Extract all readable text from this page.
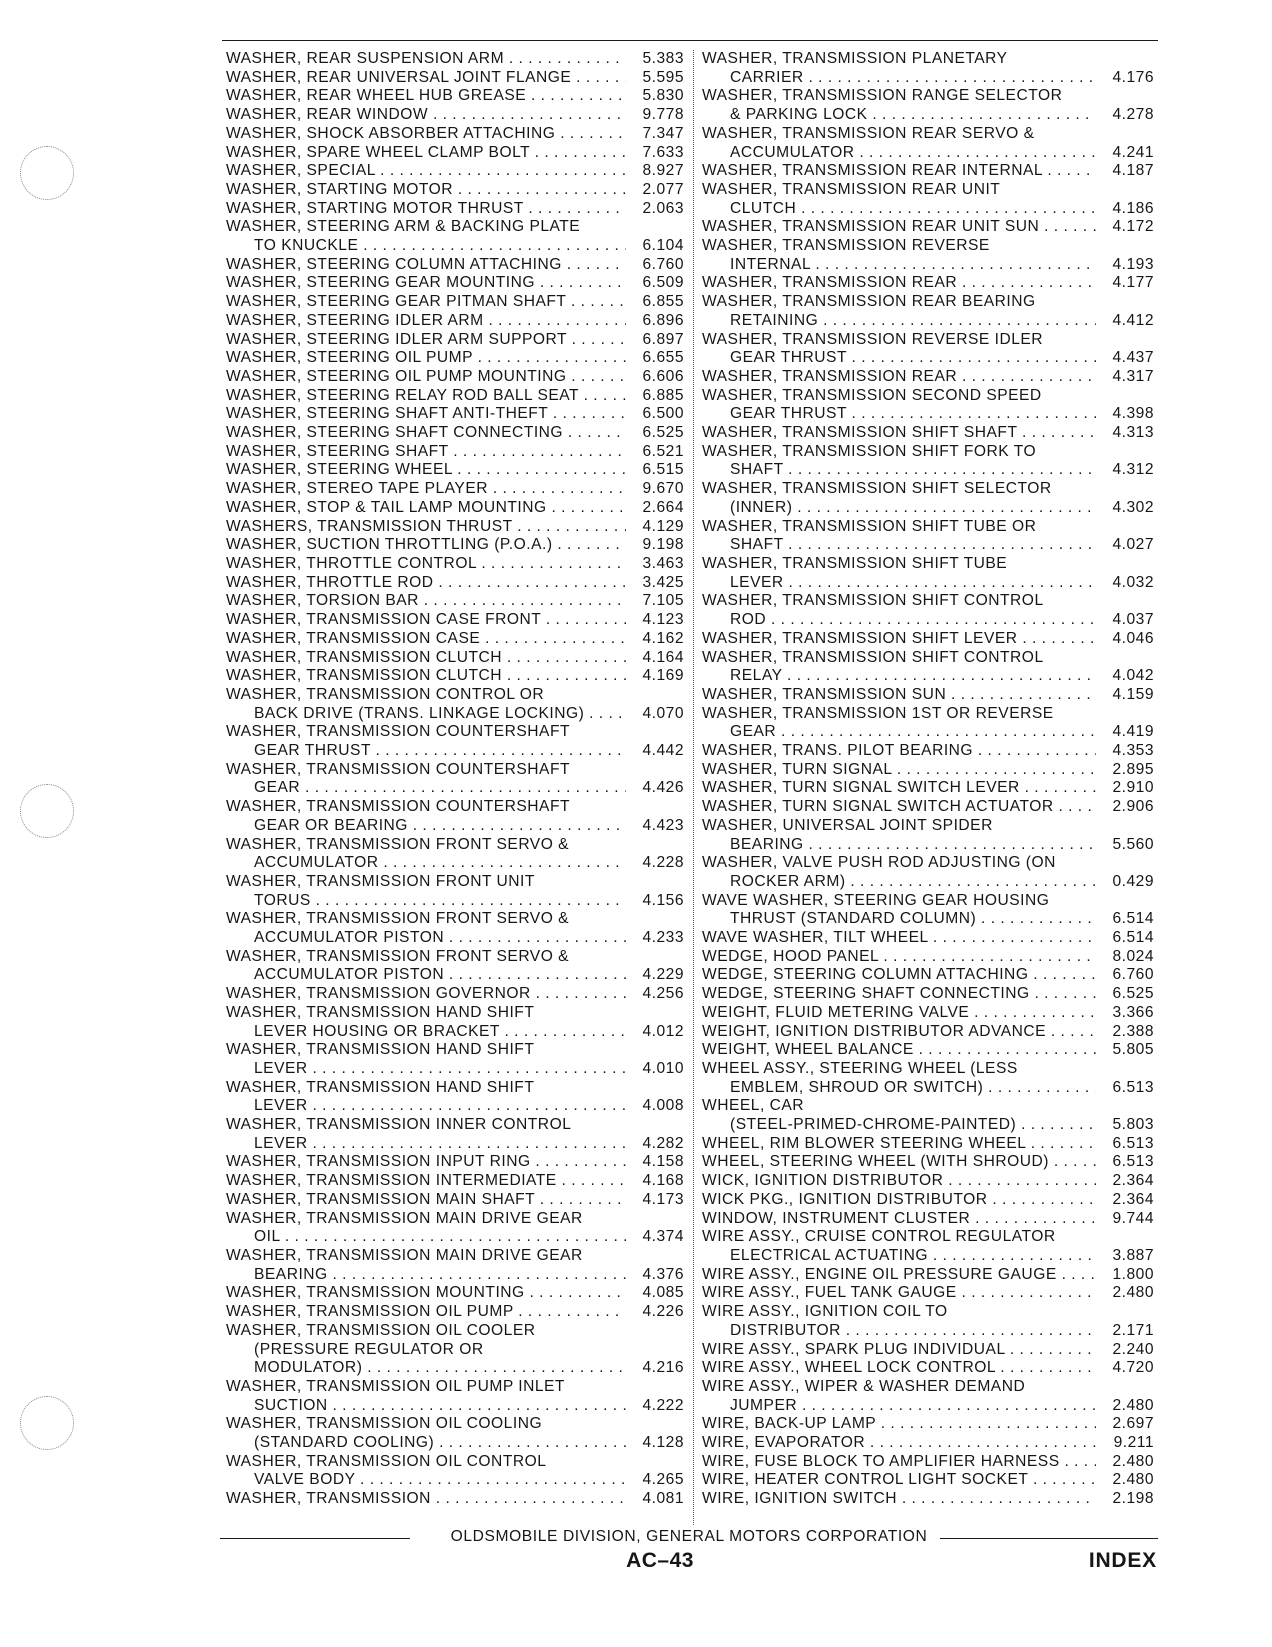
WASHER, REAR SUSPENSION ARM . . .	5.383
WASHER, REAR UNIVERSAL JOINT FLANGE . . .	5.595
WASHER, REAR WHEEL HUB GREASE . . .	5.830
WASHER, REAR WINDOW . . .	9.778
WASHER, SHOCK ABSORBER ATTACHING . . .	7.347
WASHER, SPARE WHEEL CLAMP BOLT . . .	7.633
WASHER, SPECIAL . . .	8.927
WASHER, STARTING MOTOR . . .	2.077
WASHER, STARTING MOTOR THRUST . . .	2.063
WASHER, STEERING ARM & BACKING PLATE
TO KNUCKLE . . .	6.104
WASHER, STEERING COLUMN ATTACHING . . .	6.760
WASHER, STEERING GEAR MOUNTING . . .	6.509
WASHER, STEERING GEAR PITMAN SHAFT . . .	6.855
WASHER, STEERING IDLER ARM . . .	6.896
WASHER, STEERING IDLER ARM SUPPORT . . .	6.897
WASHER, STEERING OIL PUMP . . .	6.655
WASHER, STEERING OIL PUMP MOUNTING . . .	6.606
WASHER, STEERING RELAY ROD BALL SEAT . . .	6.885
WASHER, STEERING SHAFT ANTI-THEFT . . .	6.500
WASHER, STEERING SHAFT CONNECTING . . .	6.525
WASHER, STEERING SHAFT . . .	6.521
WASHER, STEERING WHEEL . . .	6.515
WASHER, STEREO TAPE PLAYER . . .	9.670
WASHER, STOP & TAIL LAMP MOUNTING . . .	2.664
WASHERS, TRANSMISSION THRUST . . .	4.129
WASHER, SUCTION THROTTLING (P.O.A.) . . .	9.198
WASHER, THROTTLE CONTROL . . .	3.463
WASHER, THROTTLE ROD . . .	3.425
WASHER, TORSION BAR . . .	7.105
WASHER, TRANSMISSION CASE FRONT . . .	4.123
WASHER, TRANSMISSION CASE . . .	4.162
WASHER, TRANSMISSION CLUTCH . . .	4.164
WASHER, TRANSMISSION CLUTCH . . .	4.169
WASHER, TRANSMISSION CONTROL OR
BACK DRIVE (TRANS. LINKAGE LOCKING) . . .	4.070
WASHER, TRANSMISSION COUNTERSHAFT
GEAR THRUST . . .	4.442
WASHER, TRANSMISSION COUNTERSHAFT
GEAR . . .	4.426
WASHER, TRANSMISSION COUNTERSHAFT
GEAR OR BEARING . . .	4.423
WASHER, TRANSMISSION FRONT SERVO &
ACCUMULATOR . . .	4.228
WASHER, TRANSMISSION FRONT UNIT
TORUS . . .	4.156
WASHER, TRANSMISSION FRONT SERVO &
ACCUMULATOR PISTON . . .	4.233
WASHER, TRANSMISSION FRONT SERVO &
ACCUMULATOR PISTON . . .	4.229
WASHER, TRANSMISSION GOVERNOR . . .	4.256
WASHER, TRANSMISSION HAND SHIFT
LEVER HOUSING OR BRACKET . . .	4.012
WASHER, TRANSMISSION HAND SHIFT
LEVER . . .	4.010
WASHER, TRANSMISSION HAND SHIFT
LEVER . . .	4.008
WASHER, TRANSMISSION INNER CONTROL
LEVER . . .	4.282
WASHER, TRANSMISSION INPUT RING . . .	4.158
WASHER, TRANSMISSION INTERMEDIATE . . .	4.168
WASHER, TRANSMISSION MAIN SHAFT . . .	4.173
WASHER, TRANSMISSION MAIN DRIVE GEAR
OIL . . .	4.374
WASHER, TRANSMISSION MAIN DRIVE GEAR
BEARING . . .	4.376
WASHER, TRANSMISSION MOUNTING . . .	4.085
WASHER, TRANSMISSION OIL PUMP . . .	4.226
WASHER, TRANSMISSION OIL COOLER
(PRESSURE REGULATOR OR
MODULATOR) . . .	4.216
WASHER, TRANSMISSION OIL PUMP INLET
SUCTION . . .	4.222
WASHER, TRANSMISSION OIL COOLING
(STANDARD COOLING) . . .	4.128
WASHER, TRANSMISSION OIL CONTROL
VALVE BODY . . .	4.265
WASHER, TRANSMISSION . . .	4.081
WASHER, TRANSMISSION PLANETARY
CARRIER . . .	4.176
WASHER, TRANSMISSION RANGE SELECTOR
& PARKING LOCK . . .	4.278
WASHER, TRANSMISSION REAR SERVO &
ACCUMULATOR . . .	4.241
WASHER, TRANSMISSION REAR INTERNAL . . .	4.187
WASHER, TRANSMISSION REAR UNIT
CLUTCH . . .	4.186
WASHER, TRANSMISSION REAR UNIT SUN . . .	4.172
WASHER, TRANSMISSION REVERSE
INTERNAL . . .	4.193
WASHER, TRANSMISSION REAR . . .	4.177
WASHER, TRANSMISSION REAR BEARING
RETAINING . . .	4.412
WASHER, TRANSMISSION REVERSE IDLER
GEAR THRUST . . .	4.437
WASHER, TRANSMISSION REAR . . .	4.317
WASHER, TRANSMISSION SECOND SPEED
GEAR THRUST . . .	4.398
WASHER, TRANSMISSION SHIFT SHAFT . . .	4.313
WASHER, TRANSMISSION SHIFT FORK TO
SHAFT . . .	4.312
WASHER, TRANSMISSION SHIFT SELECTOR
(INNER) . . .	4.302
WASHER, TRANSMISSION SHIFT TUBE OR
SHAFT . . .	4.027
WASHER, TRANSMISSION SHIFT TUBE
LEVER . . .	4.032
WASHER, TRANSMISSION SHIFT CONTROL
ROD . . .	4.037
WASHER, TRANSMISSION SHIFT LEVER . . .	4.046
WASHER, TRANSMISSION SHIFT CONTROL
RELAY . . .	4.042
WASHER, TRANSMISSION SUN . . .	4.159
WASHER, TRANSMISSION 1ST OR REVERSE
GEAR . . .	4.419
WASHER, TRANS. PILOT BEARING . . .	4.353
WASHER, TURN SIGNAL . . .	2.895
WASHER, TURN SIGNAL SWITCH LEVER . . .	2.910
WASHER, TURN SIGNAL SWITCH ACTUATOR . . .	2.906
WASHER, UNIVERSAL JOINT SPIDER
BEARING . . .	5.560
WASHER, VALVE PUSH ROD ADJUSTING (ON
ROCKER ARM) . . .	0.429
WAVE WASHER, STEERING GEAR HOUSING
THRUST (STANDARD COLUMN) . . .	6.514
WAVE WASHER, TILT WHEEL . . .	6.514
WEDGE, HOOD PANEL . . .	8.024
WEDGE, STEERING COLUMN ATTACHING . . .	6.760
WEDGE, STEERING SHAFT CONNECTING . . .	6.525
WEIGHT, FLUID METERING VALVE . . .	3.366
WEIGHT, IGNITION DISTRIBUTOR ADVANCE . . .	2.388
WEIGHT, WHEEL BALANCE . . .	5.805
WHEEL ASSY., STEERING WHEEL (LESS
EMBLEM, SHROUD OR SWITCH) . . .	6.513
WHEEL, CAR
(STEEL-PRIMED-CHROME-PAINTED) . . .	5.803
WHEEL, RIM BLOWER STEERING WHEEL . . .	6.513
WHEEL, STEERING WHEEL (WITH SHROUD) . . .	6.513
WICK, IGNITION DISTRIBUTOR . . .	2.364
WICK PKG., IGNITION DISTRIBUTOR . . .	2.364
WINDOW, INSTRUMENT CLUSTER . . .	9.744
WIRE ASSY., CRUISE CONTROL REGULATOR
ELECTRICAL ACTUATING . . .	3.887
WIRE ASSY., ENGINE OIL PRESSURE GAUGE . . .	1.800
WIRE ASSY., FUEL TANK GAUGE . . .	2.480
WIRE ASSY., IGNITION COIL TO
DISTRIBUTOR . . .	2.171
WIRE ASSY., SPARK PLUG INDIVIDUAL . . .	2.240
WIRE ASSY., WHEEL LOCK CONTROL . . .	4.720
WIRE ASSY., WIPER & WASHER DEMAND
JUMPER . . .	2.480
WIRE, BACK-UP LAMP . . .	2.697
WIRE, EVAPORATOR . . .	9.211
WIRE, FUSE BLOCK TO AMPLIFIER HARNESS . . .	2.480
WIRE, HEATER CONTROL LIGHT SOCKET . . .	2.480
WIRE, IGNITION SWITCH . . .	2.198
OLDSMOBILE DIVISION, GENERAL MOTORS CORPORATION
AC–43	INDEX
